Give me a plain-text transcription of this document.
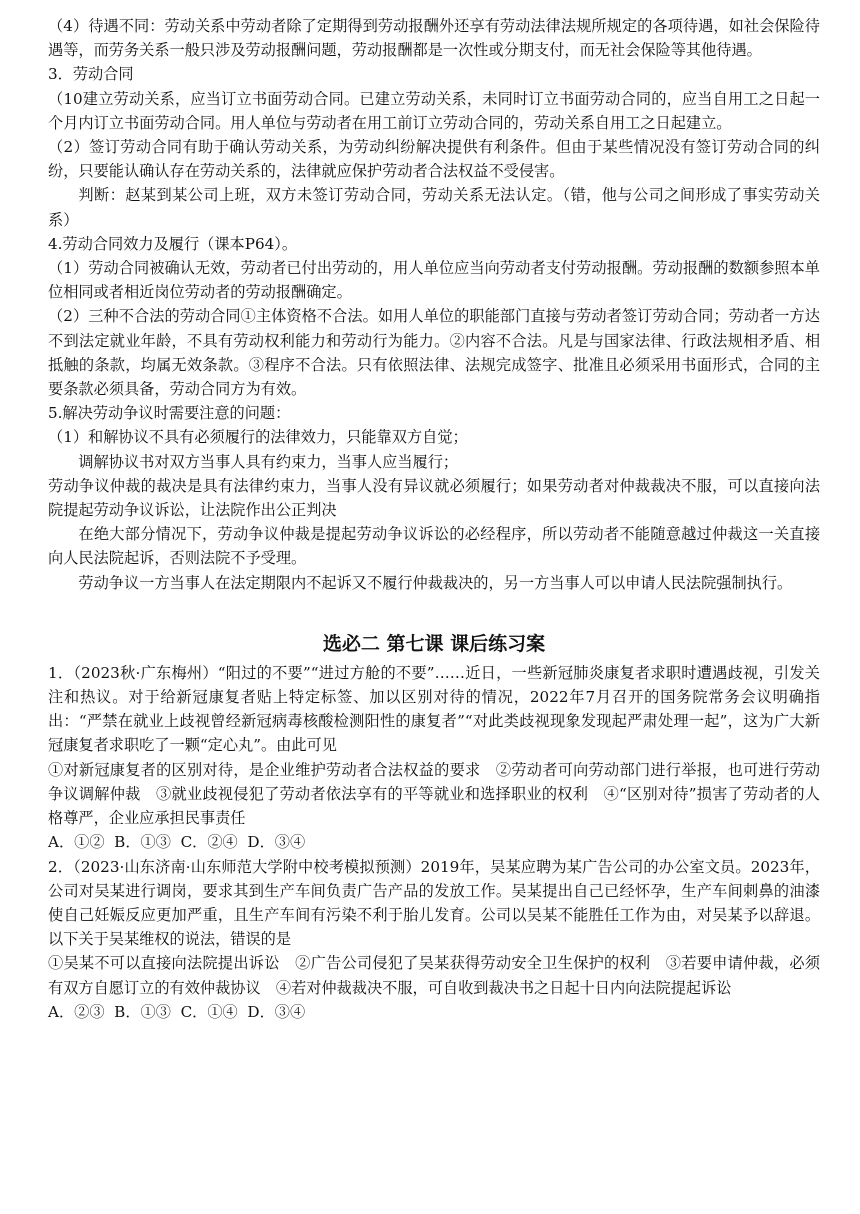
（4）待遇不同：劳动关系中劳动者除了定期得到劳动报酬外还享有劳动法律法规所规定的各项待遇，如社会保险待遇等，而劳务关系一般只涉及劳动报酬问题，劳动报酬都是一次性或分期支付，而无社会保险等其他待遇。

3．劳动合同

（10建立劳动关系，应当订立书面劳动合同。已建立劳动关系，未同时订立书面劳动合同的，应当自用工之日起一个月内订立书面劳动合同。用人单位与劳动者在用工前订立劳动合同的，劳动关系自用工之日起建立。

（2）签订劳动合同有助于确认劳动关系，为劳动纠纷解决提供有利条件。但由于某些情况没有签订劳动合同的纠纷，只要能认确认存在劳动关系的，法律就应保护劳动者合法权益不受侵害。

判断：赵某到某公司上班，双方未签订劳动合同，劳动关系无法认定。（错，他与公司之间形成了事实劳动关系）

4.劳动合同效力及履行（课本P64）。

（1）劳动合同被确认无效，劳动者已付出劳动的，用人单位应当向劳动者支付劳动报酬。劳动报酬的数额参照本单位相同或者相近岗位劳动者的劳动报酬确定。

（2）三种不合法的劳动合同①主体资格不合法。如用人单位的职能部门直接与劳动者签订劳动合同；劳动者一方达不到法定就业年龄，不具有劳动权利能力和劳动行为能力。②内容不合法。凡是与国家法律、行政法规相矛盾、相抵触的条款，均属无效条款。③程序不合法。只有依照法律、法规完成签字、批准且必须采用书面形式，合同的主要条款必须具备，劳动合同方为有效。

5.解决劳动争议时需要注意的问题：

（1）和解协议不具有必须履行的法律效力，只能靠双方自觉；

调解协议书对双方当事人具有约束力，当事人应当履行；

劳动争议仲裁的裁决是具有法律约束力，当事人没有异议就必须履行；如果劳动者对仲裁裁决不服，可以直接向法院提起劳动争议诉讼，让法院作出公正判决

在绝大部分情况下，劳动争议仲裁是提起劳动争议诉讼的必经程序，所以劳动者不能随意越过仲裁这一关直接向人民法院起诉，否则法院不予受理。

劳动争议一方当事人在法定期限内不起诉又不履行仲裁裁决的，另一方当事人可以申请人民法院强制执行。

选必二 第七课 课后练习案

1．（2023秋·广东梅州）“阳过的不要”“进过方舱的不要”……近日，一些新冠肺炎康复者求职时遭遇歧视，引发关注和热议。对于给新冠康复者贴上特定标签、加以区别对待的情况，2022年7月召开的国务院常务会议明确指出：“严禁在就业上歧视曾经新冠病毒核酸检测阳性的康复者”“对此类歧视现象发现起严肃处理一起”，这为广大新冠康复者求职吃了一颗“定心丸”。由此可见

①对新冠康复者的区别对待，是企业维护劳动者合法权益的要求　②劳动者可向劳动部门进行举报，也可进行劳动争议调解仲裁　③就业歧视侵犯了劳动者依法享有的平等就业和选择职业的权利　④“区别对待”损害了劳动者的人格尊严，企业应承担民事责任

A．①②  B．①③  C．②④  D．③④

2．（2023·山东济南·山东师范大学附中校考模拟预测）2019年，吴某应聘为某广告公司的办公室文员。2023年，公司对吴某进行调岗，要求其到生产车间负责广告产品的发放工作。吴某提出自己已经怀孕，生产车间刺鼻的油漆使自己妊娠反应更加严重，且生产车间有污染不利于胎儿发育。公司以吴某不能胜任工作为由，对吴某予以辞退。以下关于吴某维权的说法，错误的是

①吴某不可以直接向法院提出诉讼　②广告公司侵犯了吴某获得劳动安全卫生保护的权利　③若要申请仲裁，必须有双方自愿订立的有效仲裁协议　④若对仲裁裁决不服，可自收到裁决书之日起十日内向法院提起诉讼

A．②③  B．①③  C．①④  D．③④
